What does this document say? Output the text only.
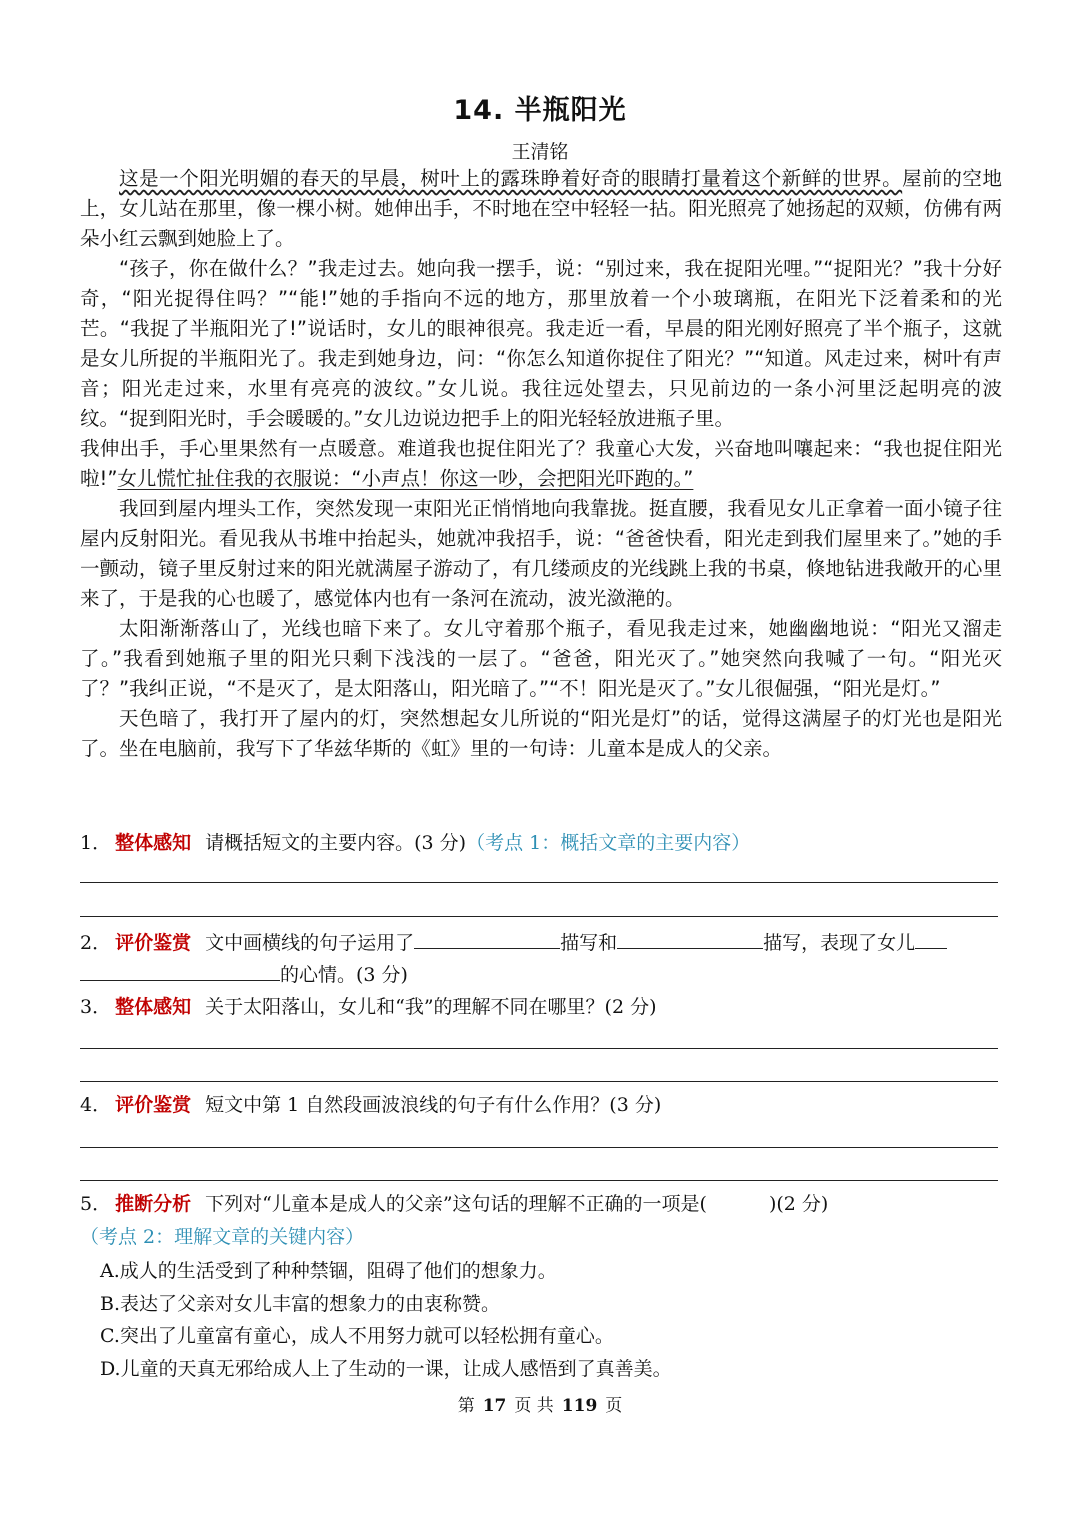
14. 半瓶阳光
王清铭

这是一个阳光明媚的春天的早晨，树叶上的露珠睁着好奇的眼睛打量着这个新鲜的世界。屋前的空地上，女儿站在那里，像一棵小树。她伸出手，不时地在空中轻轻一拈。阳光照亮了她扬起的双颊，仿佛有两朵小红云飘到她脸上了。

“孩子，你在做什么？”我走过去。她向我一摆手，说：“别过来，我在捉阳光哩。”“捉阳光？”我十分好奇，“阳光捉得住吗？”“能!”她的手指向不远的地方，那里放着一个小玻璃瓶，在阳光下泛着柔和的光芒。“我捉了半瓶阳光了!”说话时，女儿的眼神很亮。我走近一看，早晨的阳光刚好照亮了半个瓶子，这就是女儿所捉的半瓶阳光了。我走到她身边，问：“你怎么知道你捉住了阳光？”“知道。风走过来，树叶有声音；阳光走过来，水里有亮亮的波纹。”女儿说。我往远处望去，只见前边的一条小河里泛起明亮的波纹。“捉到阳光时，手会暖暖的。”女儿边说边把手上的阳光轻轻放进瓶子里。

我伸出手，手心里果然有一点暖意。难道我也捉住阳光了？我童心大发，兴奋地叫嚷起来：“我也捉住阳光啦!”女儿慌忙扯住我的衣服说：“小声点！你这一吵，会把阳光吓跑的。”

我回到屋内埋头工作，突然发现一束阳光正悄悄地向我靠拢。挺直腰，我看见女儿正拿着一面小镜子往屋内反射阳光。看见我从书堆中抬起头，她就冲我招手，说：“爸爸快看，阳光走到我们屋里来了。”她的手一颤动，镜子里反射过来的阳光就满屋子游动了，有几缕顽皮的光线跳上我的书桌，倏地钻进我敞开的心里来了，于是我的心也暖了，感觉体内也有一条河在流动，波光潋滟的。

太阳渐渐落山了，光线也暗下来了。女儿守着那个瓶子，看见我走过来，她幽幽地说：“阳光又溜走了。”我看到她瓶子里的阳光只剩下浅浅的一层了。“爸爸，阳光灭了。”她突然向我喊了一句。“阳光灭了？”我纠正说，“不是灭了，是太阳落山，阳光暗了。”“不！阳光是灭了。”女儿很倔强，“阳光是灯。”

天色暗了，我打开了屋内的灯，突然想起女儿所说的“阳光是灯”的话，觉得这满屋子的灯光也是阳光了。坐在电脑前，我写下了华兹华斯的《虹》里的一句诗：儿童本是成人的父亲。

1． 整体感知 请概括短文的主要内容。(3 分)（考点 1：概括文章的主要内容）
2． 评价鉴赏 文中画横线的句子运用了	描写和	描写，表现了女儿
的心情。(3 分)
3． 整体感知 关于太阳落山，女儿和“我”的理解不同在哪里？(2 分)
4． 评价鉴赏 短文中第 1 自然段画波浪线的句子有什么作用？(3 分)
5． 推断分析 下列对“儿童本是成人的父亲”这句话的理解不正确的一项是(	)(2 分)
（考点 2：理解文章的关键内容）
A.成人的生活受到了种种禁锢，阻碍了他们的想象力。
B.表达了父亲对女儿丰富的想象力的由衷称赞。
C.突出了儿童富有童心，成人不用努力就可以轻松拥有童心。
D.儿童的天真无邪给成人上了生动的一课，让成人感悟到了真善美。
第 17 页 共 119 页
